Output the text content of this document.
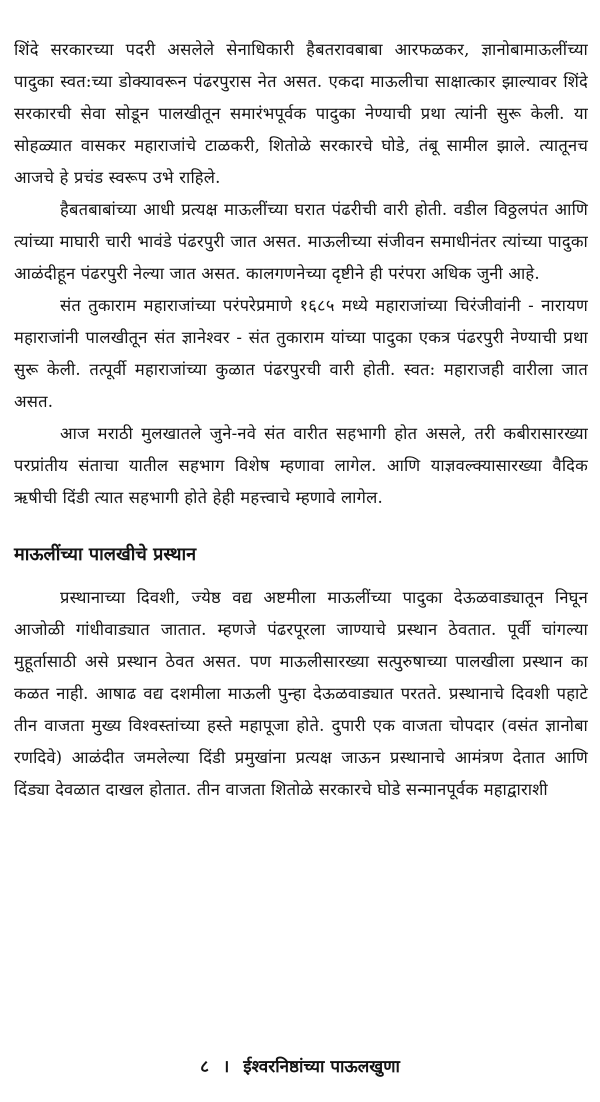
शिंदे सरकारच्या पदरी असलेले सेनाधिकारी हैबतरावबाबा आरफळकर, ज्ञानोबामाऊलींच्या पादुका स्वत:च्या डोक्यावरून पंढरपुरास नेत असत. एकदा माऊलीचा साक्षात्कार झाल्यावर शिंदे सरकारची सेवा सोडून पालखीतून समारंभपूर्वक पादुका नेण्याची प्रथा त्यांनी सुरू केली. या सोहळ्यात वासकर महाराजांचे टाळकरी, शितोळे सरकारचे घोडे, तंबू सामील झाले. त्यातूनच आजचे हे प्रचंड स्वरूप उभे राहिले.

हैबतबाबांच्या आधी प्रत्यक्ष माऊलींच्या घरात पंढरीची वारी होती. वडील विठ्ठलपंत आणि त्यांच्या माघारी चारी भावंडे पंढरपुरी जात असत. माऊलीच्या संजीवन समाधीनंतर त्यांच्या पादुका आळंदीहून पंढरपुरी नेल्या जात असत. कालगणनेच्या दृष्टीने ही परंपरा अधिक जुनी आहे.

संत तुकाराम महाराजांच्या परंपरेप्रमाणे १६८५ मध्ये महाराजांच्या चिरंजीवांनी - नारायण महाराजांनी पालखीतून संत ज्ञानेश्वर - संत तुकाराम यांच्या पादुका एकत्र पंढरपुरी नेण्याची प्रथा सुरू केली. तत्पूर्वी महाराजांच्या कुळात पंढरपुरची वारी होती. स्वत: महाराजही वारीला जात असत.

आज मराठी मुलखातले जुने-नवे संत वारीत सहभागी होत असले, तरी कबीरासारख्या परप्रांतीय संताचा यातील सहभाग विशेष म्हणावा लागेल. आणि याज्ञवल्क्यासारख्या वैदिक ऋषीची दिंडी त्यात सहभागी होते हेही महत्त्वाचे म्हणावे लागेल.

माऊलींच्या पालखीचे प्रस्थान

प्रस्थानाच्या दिवशी, ज्येष्ठ वद्य अष्टमीला माऊलींच्या पादुका देऊळवाड्यातून निघून आजोळी गांधीवाड्यात जातात. म्हणजे पंढरपूरला जाण्याचे प्रस्थान ठेवतात. पूर्वी चांगल्या मुहूर्तासाठी असे प्रस्थान ठेवत असत. पण माऊलीसारख्या सत्पुरुषाच्या पालखीला प्रस्थान का कळत नाही. आषाढ वद्य दशमीला माऊली पुन्हा देऊळवाड्यात परतते. प्रस्थानाचे दिवशी पहाटे तीन वाजता मुख्य विश्वस्तांच्या हस्ते महापूजा होते. दुपारी एक वाजता चोपदार (वसंत ज्ञानोबा रणदिवे) आळंदीत जमलेल्या दिंडी प्रमुखांना प्रत्यक्ष जाऊन प्रस्थानाचे आमंत्रण देतात आणि दिंड्या देवळात दाखल होतात. तीन वाजता शितोळे सरकारचे घोडे सन्मानपूर्वक महाद्वाराशी

८ । ईश्वरनिष्ठांच्या पाऊलखुणा
